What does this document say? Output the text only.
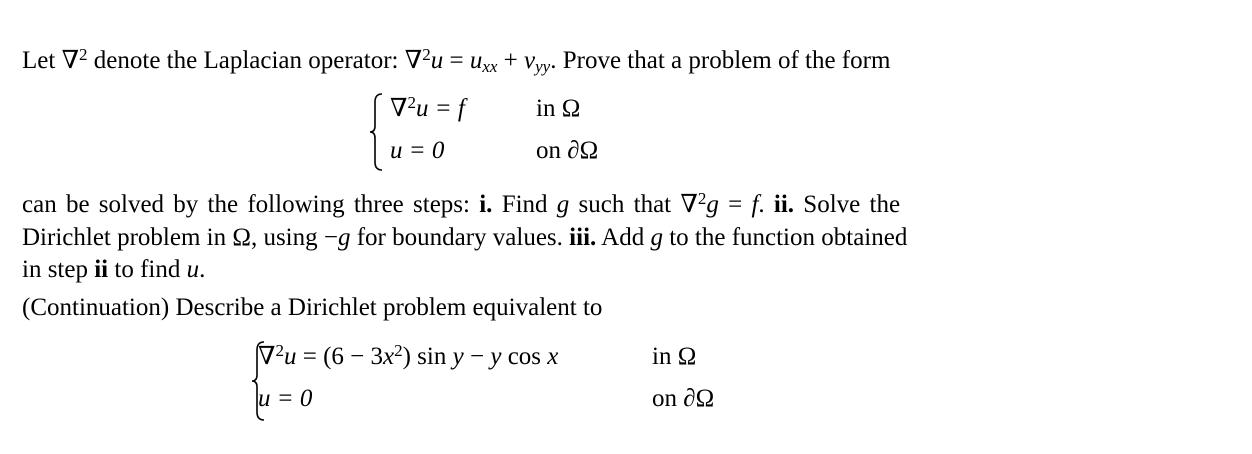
Let ∇$^2$ denote the Laplacian operator: $\nabla^2u = u_{xx} + v_{yy}$. Prove that a problem of the form
∇$^2$u = f	in Ω
u = 0	on ∂Ω
can be solved by the following three steps: i. Find g such that ∇$^2$g = f. ii. Solve the
Dirichlet problem in Ω, using −g for boundary values. iii. Add g to the function obtained
in step ii to find u.
(Continuation) Describe a Dirichlet problem equivalent to
$\nabla^2u = (6 - 3x^2)$ sin y − y cos x	in Ω
u = 0	on ∂Ω
